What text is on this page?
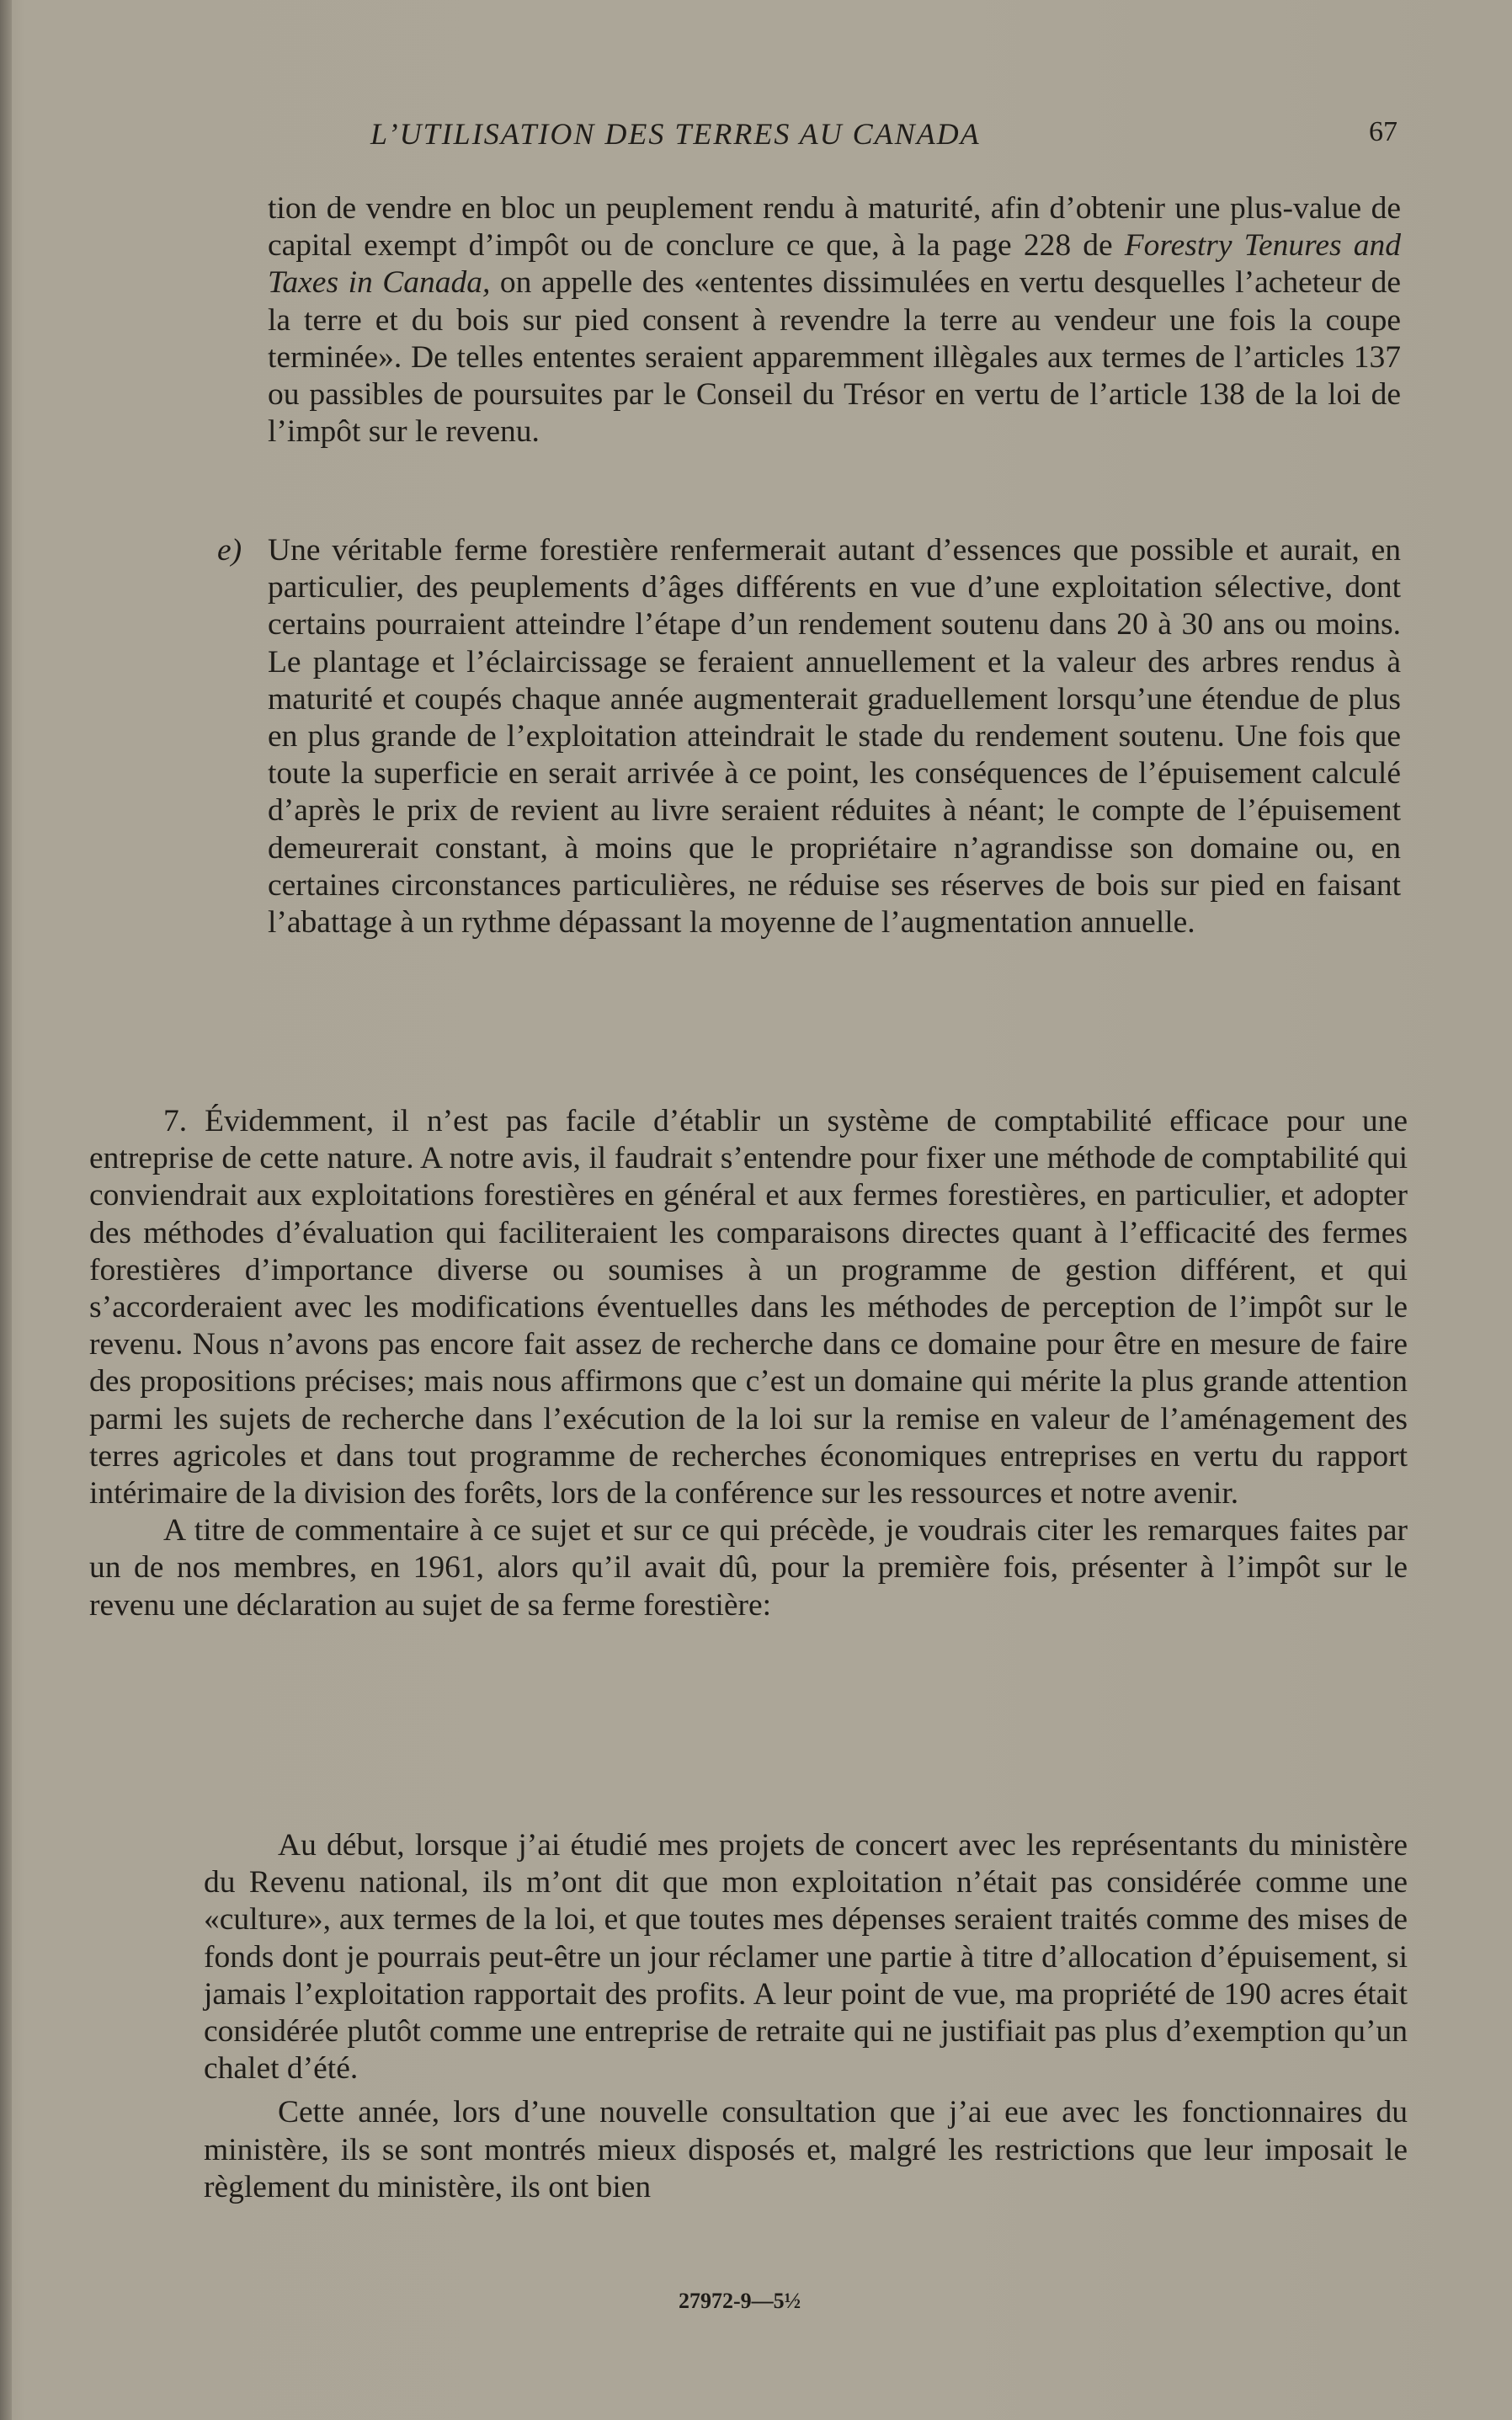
L’UTILISATION DES TERRES AU CANADA	67

tion de vendre en bloc un peuplement rendu à maturité, afin d’obtenir une plus-value de capital exempt d’impôt ou de conclure ce que, à la page 228 de Forestry Tenures and Taxes in Canada, on appelle des «ententes dissimulées en vertu desquelles l’acheteur de la terre et du bois sur pied consent à revendre la terre au vendeur une fois la coupe terminée». De telles ententes seraient apparemment illègales aux termes de l’articles 137 ou passibles de poursuites par le Conseil du Trésor en vertu de l’article 138 de la loi de l’impôt sur le revenu.

e) Une véritable ferme forestière renfermerait autant d’essences que possible et aurait, en particulier, des peuplements d’âges différents en vue d’une exploitation sélective, dont certains pourraient atteindre l’étape d’un rendement soutenu dans 20 à 30 ans ou moins. Le plantage et l’éclaircissage se feraient annuellement et la valeur des arbres rendus à maturité et coupés chaque année augmenterait graduellement lorsqu’une étendue de plus en plus grande de l’exploitation atteindrait le stade du rendement soutenu. Une fois que toute la superficie en serait arrivée à ce point, les conséquences de l’épuisement calculé d’après le prix de revient au livre seraient réduites à néant; le compte de l’épuisement demeurerait constant, à moins que le propriétaire n’agrandisse son domaine ou, en certaines circonstances particulières, ne réduise ses réserves de bois sur pied en faisant l’abattage à un rythme dépassant la moyenne de l’augmentation annuelle.

7. Évidemment, il n’est pas facile d’établir un système de comptabilité efficace pour une entreprise de cette nature. A notre avis, il faudrait s’entendre pour fixer une méthode de comptabilité qui conviendrait aux exploitations forestières en général et aux fermes forestières, en particulier, et adopter des méthodes d’évaluation qui faciliteraient les comparaisons directes quant à l’efficacité des fermes forestières d’importance diverse ou soumises à un programme de gestion différent, et qui s’accorderaient avec les modifications éventuelles dans les méthodes de perception de l’impôt sur le revenu. Nous n’avons pas encore fait assez de recherche dans ce domaine pour être en mesure de faire des propositions précises; mais nous affirmons que c’est un domaine qui mérite la plus grande attention parmi les sujets de recherche dans l’exécution de la loi sur la remise en valeur de l’aménagement des terres agricoles et dans tout programme de recherches économiques entreprises en vertu du rapport intérimaire de la division des forêts, lors de la conférence sur les ressources et notre avenir.

A titre de commentaire à ce sujet et sur ce qui précède, je voudrais citer les remarques faites par un de nos membres, en 1961, alors qu’il avait dû, pour la première fois, présenter à l’impôt sur le revenu une déclaration au sujet de sa ferme forestière:

Au début, lorsque j’ai étudié mes projets de concert avec les représentants du ministère du Revenu national, ils m’ont dit que mon exploitation n’était pas considérée comme une «culture», aux termes de la loi, et que toutes mes dépenses seraient traités comme des mises de fonds dont je pourrais peut-être un jour réclamer une partie à titre d’allocation d’épuisement, si jamais l’exploitation rapportait des profits. A leur point de vue, ma propriété de 190 acres était considérée plutôt comme une entreprise de retraite qui ne justifiait pas plus d’exemption qu’un chalet d’été.

Cette année, lors d’une nouvelle consultation que j’ai eue avec les fonctionnaires du ministère, ils se sont montrés mieux disposés et, malgré les restrictions que leur imposait le règlement du ministère, ils ont bien

27972-9—5½
